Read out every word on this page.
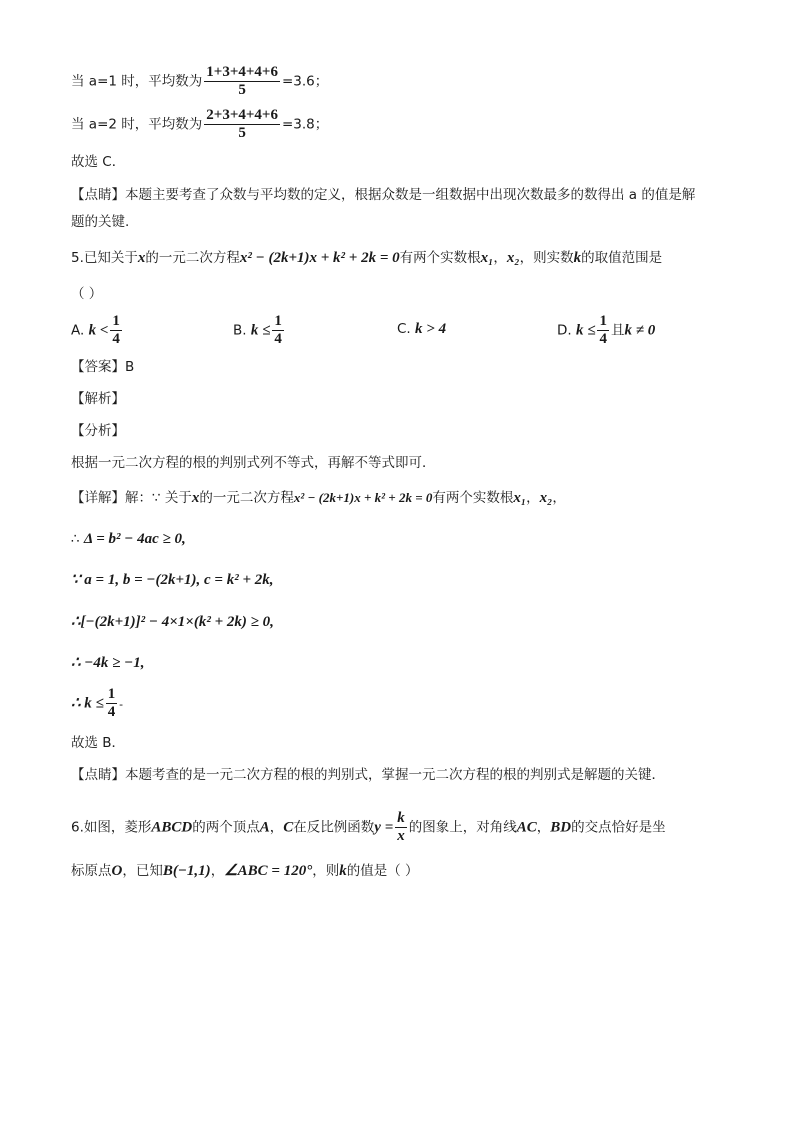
当 a=1 时，平均数为 $\frac{1+3+4+4+6}{5} =3.6$；
当 a=2 时，平均数为 $\frac{2+3+4+4+6}{5} =3.8$；
故选 C．
【点睛】本题主要考查了众数与平均数的定义，根据众数是一组数据中出现次数最多的数得出 a 的值是解
题的关键.
5.已知关于x的一元二次方程x² − (2k+1)x + k² + 2k = 0有两个实数根x₁，x₂，则实数k的取值范围是
（ ）
A. $k < \frac{1}{4}$	B. $k \le \frac{1}{4}$	C. k > 4	D. $k \le \frac{1}{4}$ 且k ≠ 0
【答案】B
【解析】
【分析】
根据一元二次方程的根的判别式列不等式，再解不等式即可．
【详解】解：∵ 关于x的一元二次方程x² − (2k+1)x + k² + 2k = 0有两个实数根x₁，x₂，
∴ Δ = b² − 4ac ≥ 0,
∵ a = 1, b = −(2k+1), c = k² + 2k,
∴[−(2k+1)]² − 4×1×(k² + 2k) ≥ 0,
∴ −4k ≥ −1,
∴ $k \le \frac{1}{4}$ -
故选 B．
【点睛】本题考查的是一元二次方程的根的判别式，掌握一元二次方程的根的判别式是解题的关键．
6.如图，菱形ABCD的两个顶点A，C在反比例函数$y = \frac{k}{x}$ 的图象上，对角线AC，BD的交点恰好是坐
标原点O，已知B(−1,1)，∠ABC = 120°，则k的值是（ ）
